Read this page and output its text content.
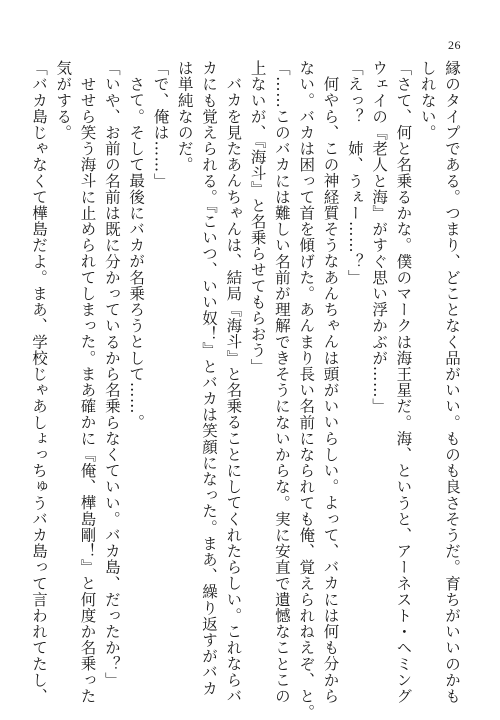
26
縁のタイプである。つまり、どことなく品がいい。ものも良さそうだ。育ちがいいのかも
しれない。
「さて、何と名乗るかな。僕のマークは海王星だ。海、というと、アーネスト・ヘミング
ウェイの『老人と海』がすぐ思い浮かぶが……」
「えっ？　姉、うぇー……？」
何やら、この神経質そうなあんちゃんは頭がいいらしい。よって、バカには何も分から
ない。バカは困って首を傾げた。あんまり長い名前になられても俺、覚えられねえぞ、と。
「……このバカには難しい名前が理解できそうにないからな。実に安直で遺憾なことこの
上ないが、『海斗』と名乗らせてもらおう」
バカを見たあんちゃんは、結局『海斗』と名乗ることにしてくれたらしい。これならバ
カにも覚えられる。『こいつ、いい奴！』とバカは笑顔になった。まあ、繰り返すがバカ
は単純なのだ。
「で、俺は……」
さて。そして最後にバカが名乗ろうとして……。
「いや、お前の名前は既に分かっているから名乗らなくていい。バカ島、だったか？」
せせら笑う海斗に止められてしまった。まあ確かに『俺、樺島剛！』と何度か名乗った
気がする。
「バカ島じゃなくて樺島だよ。まあ、学校じゃあしょっちゅうバカ島って言われてたし、
